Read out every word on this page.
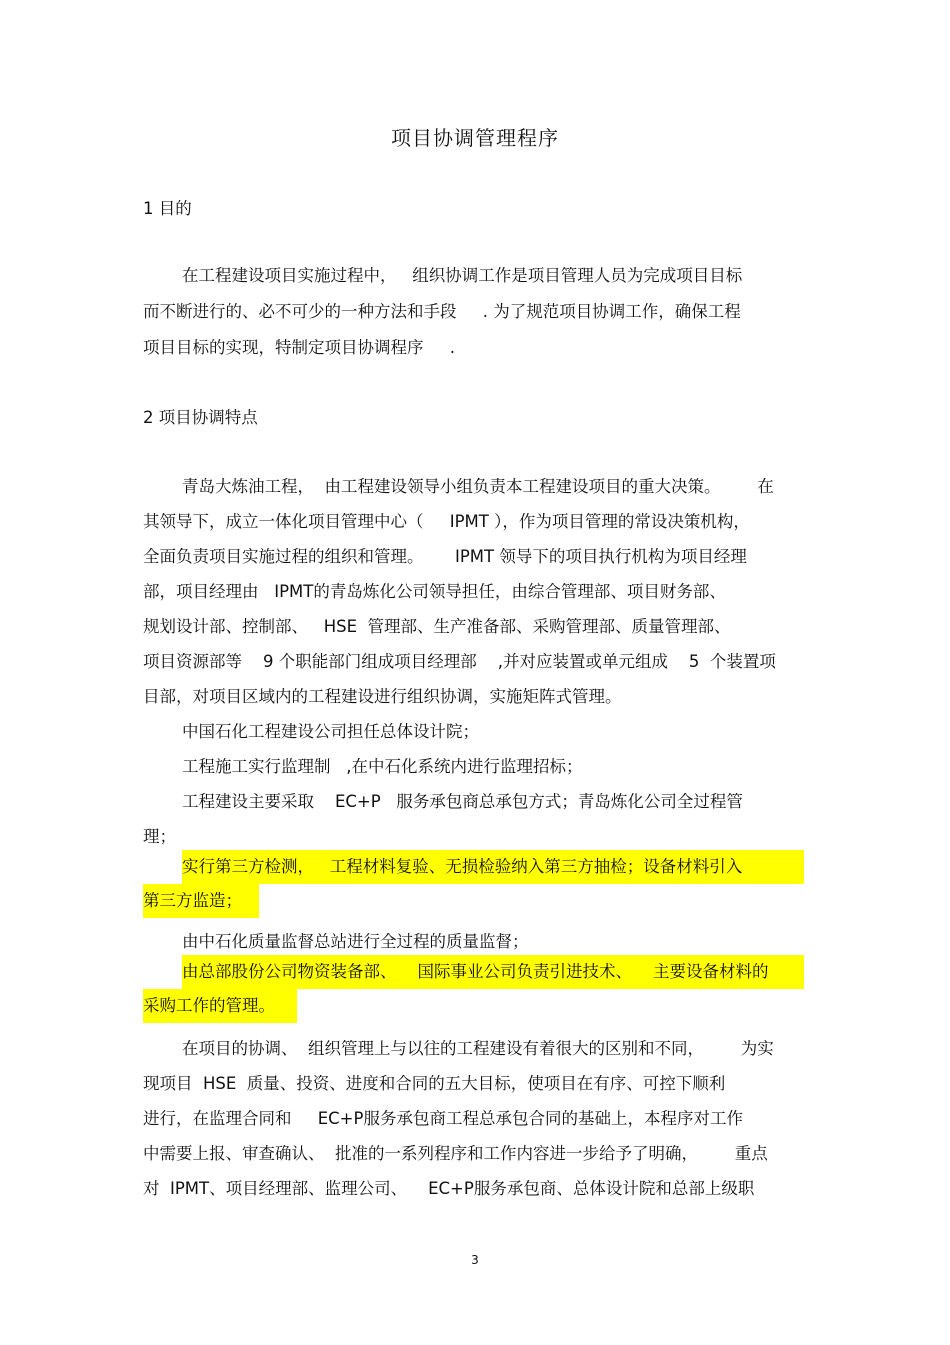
项目协调管理程序
1 目的
在工程建设项目实施过程中，   组织协调工作是项目管理人员为完成项目目标
而不断进行的、必不可少的一种方法和手段     . 为了规范项目协调工作，确保工程
项目目标的实现，特制定项目协调程序     .
2 项目协调特点
青岛大炼油工程，  由工程建设领导小组负责本工程建设项目的重大决策。       在
其领导下，成立一体化项目管理中心（     IPMT ），作为项目管理的常设决策机构，
全面负责项目实施过程的组织和管理。      IPMT 领导下的项目执行机构为项目经理
部，项目经理由   IPMT的青岛炼化公司领导担任，由综合管理部、项目财务部、
规划设计部、控制部、   HSE  管理部、生产准备部、采购管理部、质量管理部、
项目资源部等    9 个职能部门组成项目经理部    ,并对应装置或单元组成    5  个装置项
目部，对项目区域内的工程建设进行组织协调，实施矩阵式管理。
中国石化工程建设公司担任总体设计院；
工程施工实行监理制   ,在中石化系统内进行监理招标；
工程建设主要采取    EC+P   服务承包商总承包方式；青岛炼化公司全过程管
理；
实行第三方检测，   工程材料复验、无损检验纳入第三方抽检；设备材料引入
第三方监造；
由中石化质量监督总站进行全过程的质量监督；
由总部股份公司物资装备部、    国际事业公司负责引进技术、    主要设备材料的
采购工作的管理。
在项目的协调、  组织管理上与以往的工程建设有着很大的区别和不同，       为实
现项目  HSE  质量、投资、进度和合同的五大目标，使项目在有序、可控下顺利
进行，在监理合同和     EC+P服务承包商工程总承包合同的基础上，本程序对工作
中需要上报、审查确认、  批准的一系列程序和工作内容进一步给予了明确，       重点
对  IPMT、项目经理部、监理公司、    EC+P服务承包商、总体设计院和总部上级职
3
